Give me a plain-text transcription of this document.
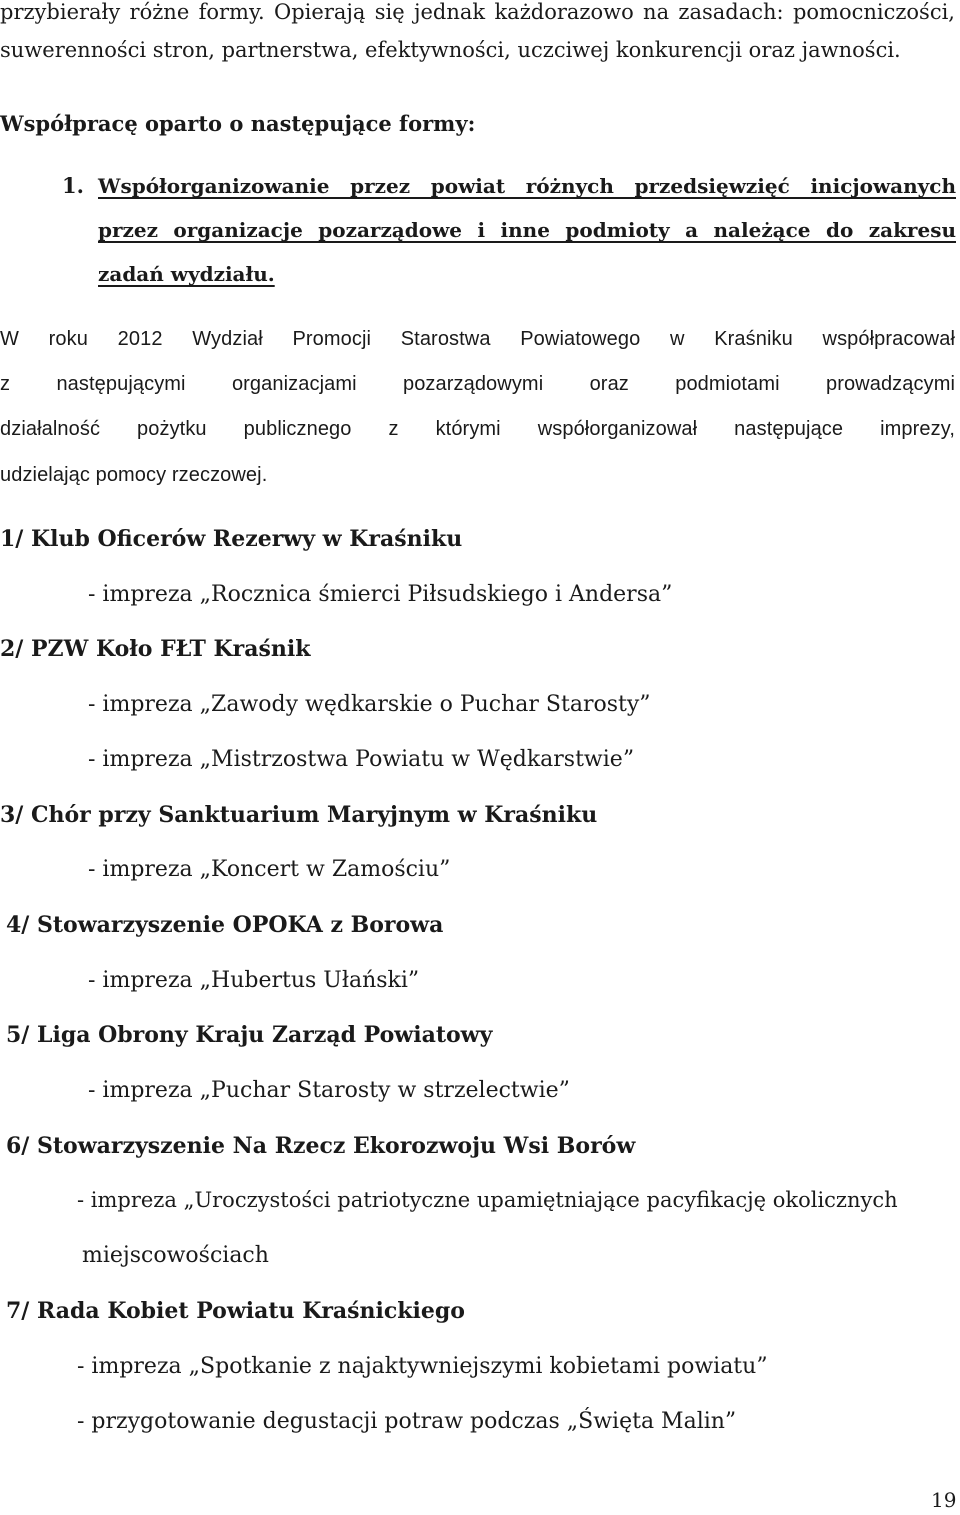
przybierały różne formy. Opierają się jednak każdorazowo na zasadach: pomocniczości,
suwerenności stron, partnerstwa, efektywności, uczciwej konkurencji oraz jawności.
Współpracę oparto o następujące formy:
1. Współorganizowanie przez powiat różnych przedsięwzięć inicjowanych
przez organizacje pozarządowe i inne podmioty a należące do zakresu
zadań wydziału.
W roku 2012 Wydział Promocji Starostwa Powiatowego w Kraśniku współpracował
z następującymi organizacjami pozarządowymi oraz podmiotami prowadzącymi
działalność pożytku publicznego z którymi współorganizował następujące imprezy,
udzielając pomocy rzeczowej.
1/ Klub Oficerów Rezerwy w Kraśniku
- impreza „Rocznica śmierci Piłsudskiego i Andersa”
2/ PZW Koło FŁT Kraśnik
- impreza „Zawody wędkarskie o Puchar Starosty”
- impreza „Mistrzostwa Powiatu w Wędkarstwie”
3/ Chór przy Sanktuarium Maryjnym w Kraśniku
- impreza „Koncert w Zamościu”
4/ Stowarzyszenie OPOKA z Borowa
- impreza „Hubertus Ułański”
5/ Liga Obrony Kraju Zarząd Powiatowy
- impreza „Puchar Starosty w strzelectwie”
6/ Stowarzyszenie Na Rzecz Ekorozwoju Wsi Borów
- impreza „Uroczystości patriotyczne upamiętniające pacyfikację okolicznych
miejscowościach
7/ Rada Kobiet Powiatu Kraśnickiego
- impreza „Spotkanie z najaktywniejszymi kobietami powiatu”
- przygotowanie degustacji potraw podczas „Święta Malin”
19
